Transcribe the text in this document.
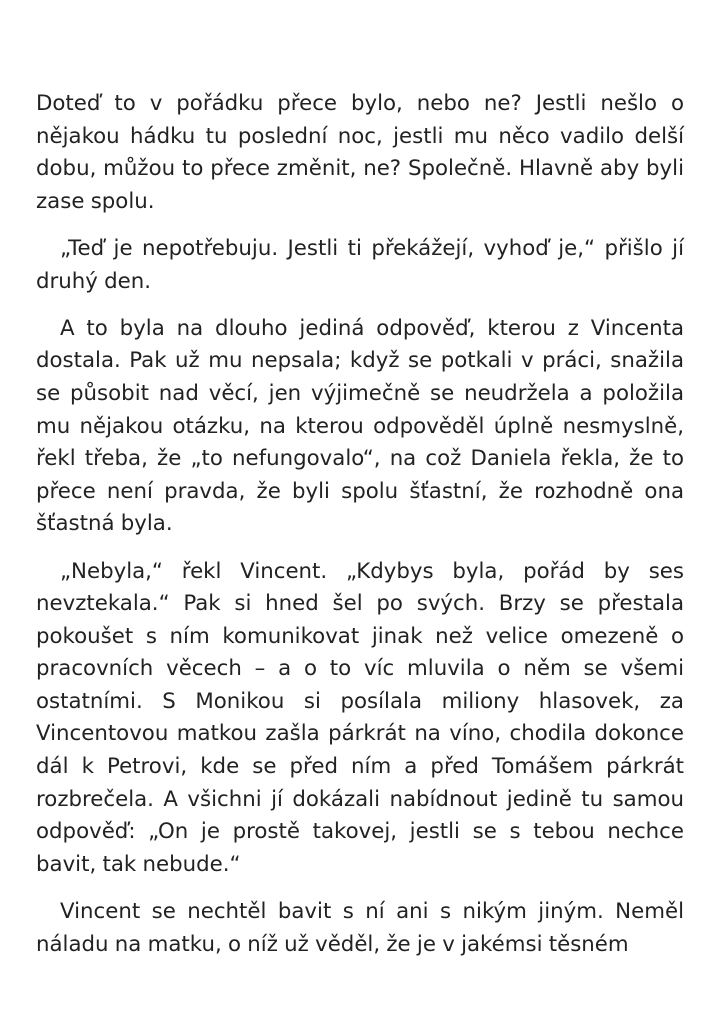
Doteď to v pořádku přece bylo, nebo ne? Jestli nešlo o nějakou hádku tu poslední noc, jestli mu něco vadilo delší dobu, můžou to přece změnit, ne? Společně. Hlavně aby byli zase spolu.

„Teď je nepotřebuju. Jestli ti překážejí, vyhoď je,“ přišlo jí druhý den.

A to byla na dlouho jediná odpověď, kterou z Vincenta dostala. Pak už mu nepsala; když se potkali v práci, snažila se působit nad věcí, jen výjimečně se neudržela a položila mu nějakou otázku, na kterou odpověděl úplně nesmyslně, řekl třeba, že „to nefungovalo“, na což Daniela řekla, že to přece není pravda, že byli spolu šťastní, že rozhodně ona šťastná byla.

„Nebyla,“ řekl Vincent. „Kdybys byla, pořád by ses nevztekala.“ Pak si hned šel po svých. Brzy se přestala pokoušet s ním komunikovat jinak než velice omezeně o pracovních věcech – a o to víc mluvila o něm se všemi ostatními. S Monikou si posílala miliony hlasovek, za Vincentovou matkou zašla párkrát na víno, chodila dokonce dál k Petrovi, kde se před ním a před Tomášem párkrát rozbrečela. A všichni jí dokázali nabídnout jedině tu samou odpověď: „On je prostě takovej, jestli se s tebou nechce bavit, tak nebude.“

Vincent se nechtěl bavit s ní ani s nikým jiným. Neměl náladu na matku, o níž už věděl, že je v jakémsi těsném
